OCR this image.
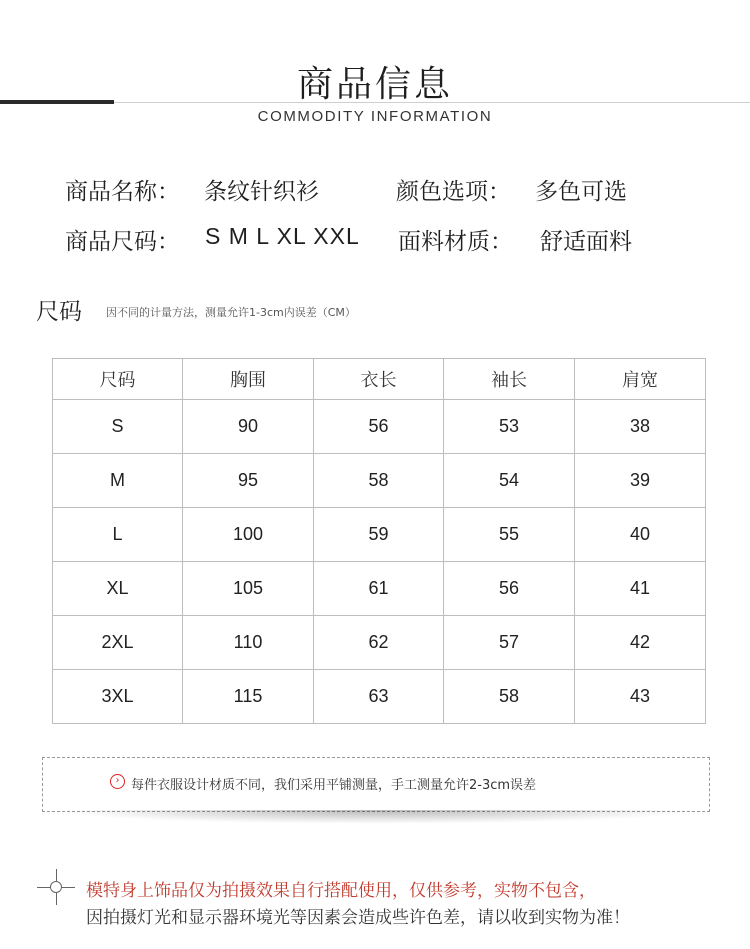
商品信息
COMMODITY INFORMATION
商品名称： 条纹针织衫	颜色选项： 多色可选
商品尺码： S M L XL XXL 面料材质： 舒适面料
尺码 因不同的计量方法，测量允许1-3cm内误差（CM）
尺码	胸围	衣长	袖长	肩宽
S	90	56	53	38
M	95	58	54	39
L	100	59	55	40
XL	105	61	56	41
2XL	110	62	57	42
3XL	115	63	58	43
› 每件衣服设计材质不同，我们采用平铺测量，手工测量允许2-3cm误差
模特身上饰品仅为拍摄效果自行搭配使用，仅供参考，实物不包含，
因拍摄灯光和显示器环境光等因素会造成些许色差，请以收到实物为准！
